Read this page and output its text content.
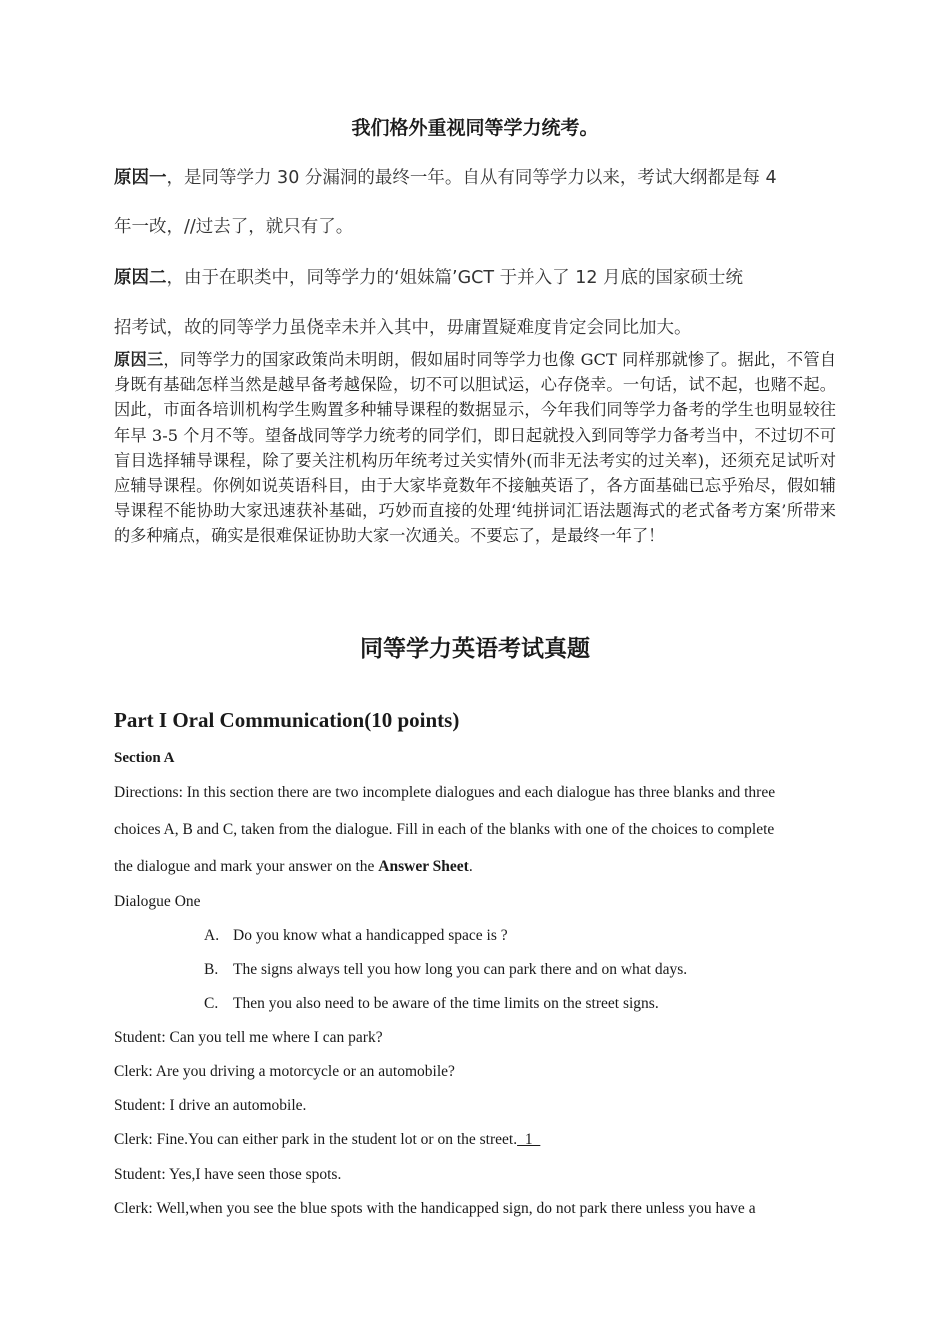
我们格外重视同等学力统考。
原因一，是同等学力 30 分漏洞的最终一年。自从有同等学力以来，考试大纲都是每 4
年一改，//过去了，就只有了。
原因二，由于在职类中，同等学力的‘姐妹篇’GCT 于并入了 12 月底的国家硕士统
招考试，故的同等学力虽侥幸未并入其中，毋庸置疑难度肯定会同比加大。
原因三，同等学力的国家政策尚未明朗，假如届时同等学力也像 GCT 同样那就惨了。据此，不管自身既有基础怎样当然是越早备考越保险，切不可以胆试运，心存侥幸。一句话，试不起，也赌不起。因此，市面各培训机构学生购置多种辅导课程的数据显示，今年我们同等学力备考的学生也明显较往年早 3-5 个月不等。望备战同等学力统考的同学们，即日起就投入到同等学力备考当中，不过切不可盲目选择辅导课程，除了要关注机构历年统考过关实情外(而非无法考实的过关率)，还须充足试听对应辅导课程。你例如说英语科目，由于大家毕竟数年不接触英语了，各方面基础已忘乎殆尽，假如辅导课程不能协助大家迅速获补基础，巧妙而直接的处理‘纯拼词汇语法题海式的老式备考方案’所带来的多种痛点，确实是很难保证协助大家一次通关。不要忘了，是最终一年了！
同等学力英语考试真题
Part I Oral Communication(10 points)
Section A
Directions: In this section there are two incomplete dialogues and each dialogue has three blanks and three
choices A, B and C, taken from the dialogue. Fill in each of the blanks with one of the choices to complete
the dialogue and mark your answer on the Answer Sheet.
Dialogue One
A. Do you know what a handicapped space is ?
B. The signs always tell you how long you can park there and on what days.
C. Then you also need to be aware of the time limits on the street signs.
Student: Can you tell me where I can park?
Clerk: Are you driving a motorcycle or an automobile?
Student: I drive an automobile.
Clerk: Fine.You can either park in the student lot or on the street.  1
Student: Yes,I have seen those spots.
Clerk: Well,when you see the blue spots with the handicapped sign, do not park there unless you have a
